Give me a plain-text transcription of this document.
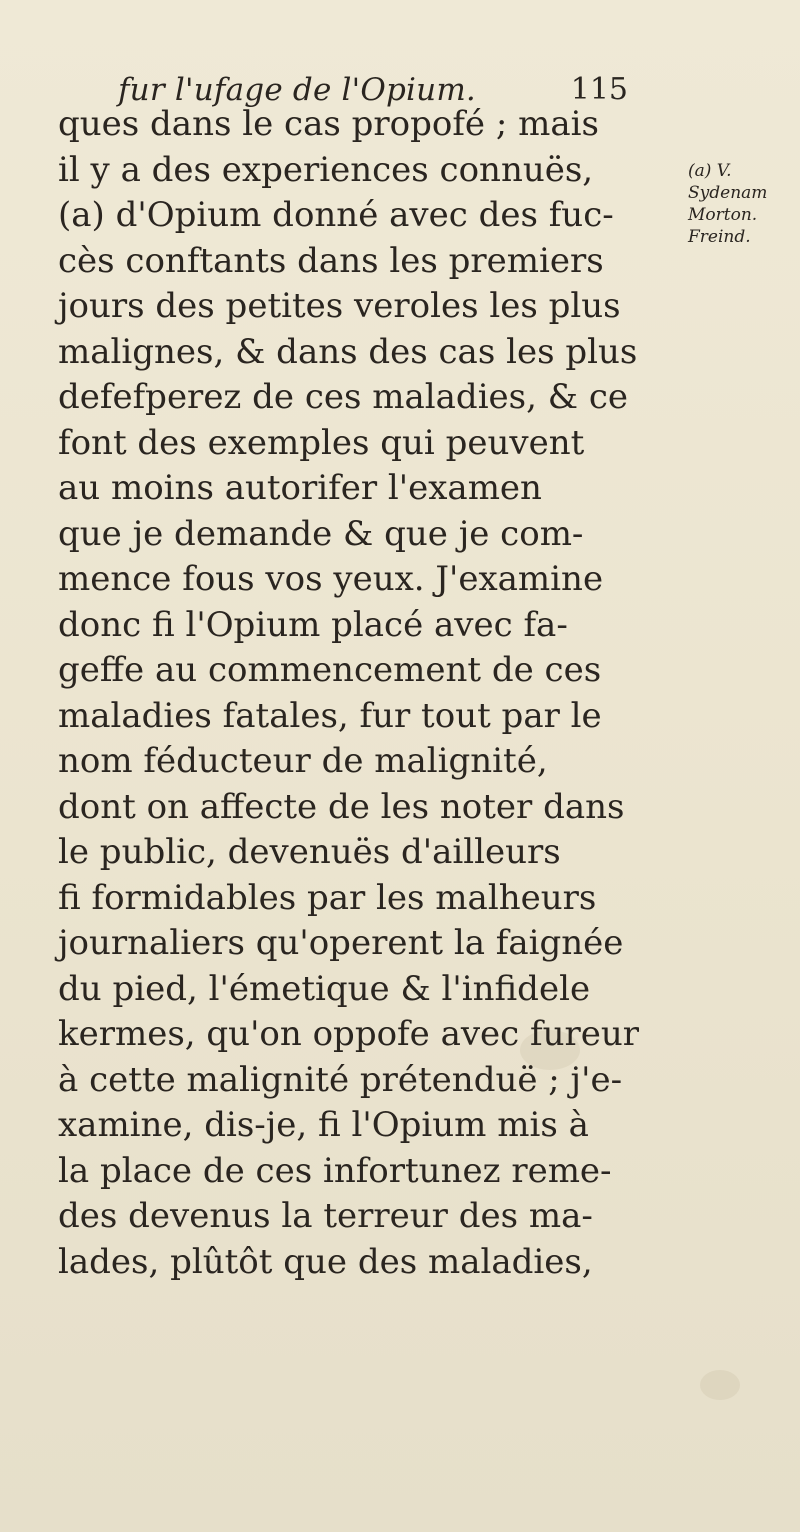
fur l'ufage de l'Opium.	115
ques dans le cas propofé ; mais
il y a des experiences connuës,
(a) d'Opium donné avec des fuc-
cès conftants dans les premiers
jours des petites veroles les plus
malignes, & dans des cas les plus
defefperez de ces maladies, & ce
font des exemples qui peuvent
au moins autorifer l'examen
que je demande & que je com-
mence fous vos yeux. J'examine
donc fi l'Opium placé avec fa-
geffe au commencement de ces
maladies fatales, fur tout par le
nom féducteur de malignité,
dont on affecte de les noter dans
le public, devenuës d'ailleurs
fi formidables par les malheurs
journaliers qu'operent la faignée
du pied, l'émetique & l'infidele
kermes, qu'on oppofe avec fureur
à cette malignité prétenduë ; j'e-
xamine, dis-je, fi l'Opium mis à
la place de ces infortunez reme-
des devenus la terreur des ma-
lades, plûtôt que des maladies,
(a) V.
Sydenam
Morton.
Freind.
